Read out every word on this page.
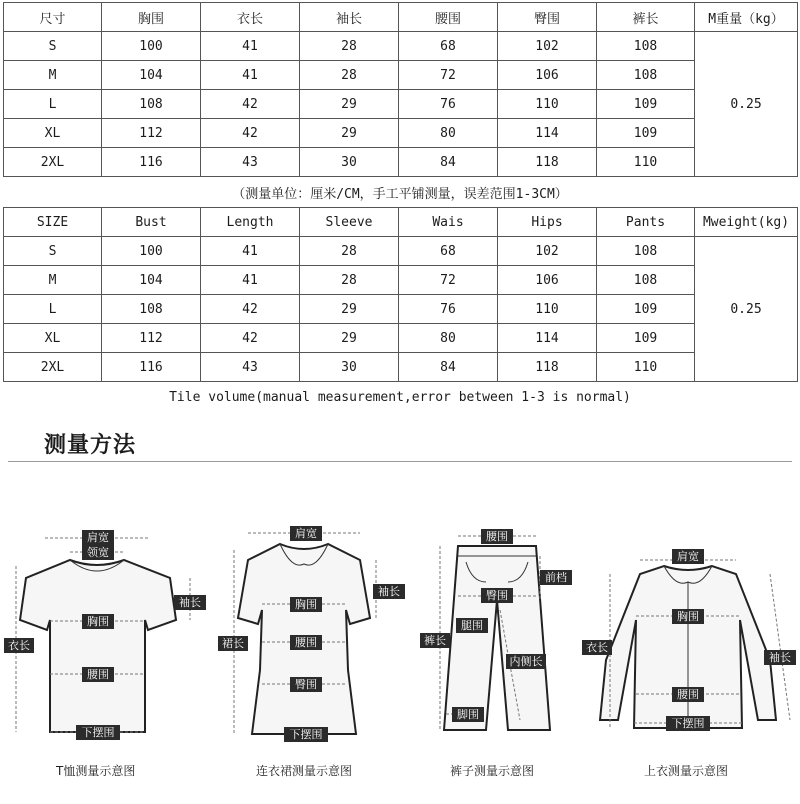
尺寸	胸围	衣长	袖长	腰围	臀围	裤长	M重量（kg）
S	100	41	28	68	102	108	0.25
M	104	41	28	72	106	108	
L	108	42	29	76	110	109	
XL	112	42	29	80	114	109	
2XL	116	43	30	84	118	110	
（测量单位：厘米/CM，手工平铺测量，误差范围1-3CM）
SIZE	Bust	Length	Sleeve	Wais	Hips	Pants	Mweight(kg)
S	100	41	28	68	102	108	0.25
M	104	41	28	72	106	108	
L	108	42	29	76	110	109	
XL	112	42	29	80	114	109	
2XL	116	43	30	84	118	110	
Tile volume(manual measurement,error between 1-3 is normal)
测量方法
肩宽
领宽
袖长
衣长
胸围
腰围
下摆围
肩宽
袖长
裙长
胸围
腰围
臀围
下摆围
腰围
前档
臀围
裤长
腿围
内侧长
脚围
肩宽
衣长
袖长
胸围
腰围
下摆围
T恤测量示意图	连衣裙测量示意图	裤子测量示意图	上衣测量示意图
